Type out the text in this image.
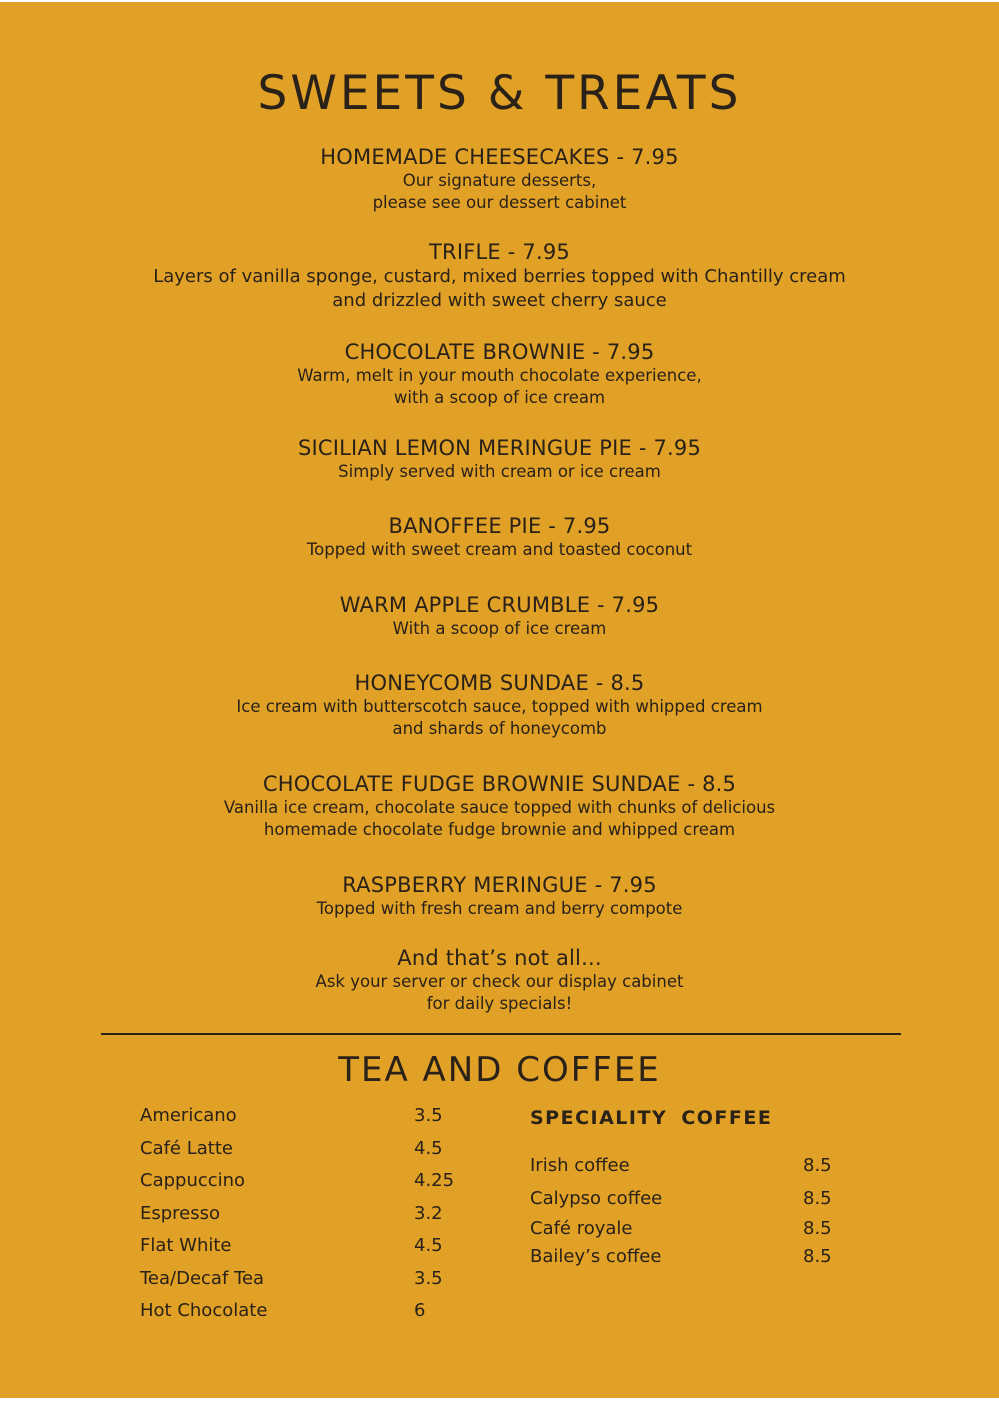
SWEETS & TREATS
HOMEMADE CHEESECAKES - 7.95
Our signature desserts,
please see our dessert cabinet
TRIFLE - 7.95
Layers of vanilla sponge, custard, mixed berries topped with Chantilly cream
and drizzled with sweet cherry sauce
CHOCOLATE BROWNIE - 7.95
Warm, melt in your mouth chocolate experience,
with a scoop of ice cream
SICILIAN LEMON MERINGUE PIE - 7.95
Simply served with cream or ice cream
BANOFFEE PIE - 7.95
Topped with sweet cream and toasted coconut
WARM APPLE CRUMBLE - 7.95
With a scoop of ice cream
HONEYCOMB SUNDAE - 8.5
Ice cream with butterscotch sauce, topped with whipped cream
and shards of honeycomb
CHOCOLATE FUDGE BROWNIE SUNDAE - 8.5
Vanilla ice cream, chocolate sauce topped with chunks of delicious
homemade chocolate fudge brownie and whipped cream
RASPBERRY MERINGUE - 7.95
Topped with fresh cream and berry compote
And that’s not all...
Ask your server or check our display cabinet
for daily specials!
TEA AND COFFEE
Americano	3.5
Café Latte	4.5
Cappuccino	4.25
Espresso	3.2
Flat White	4.5
Tea/Decaf Tea	3.5
Hot Chocolate	6
SPECIALITY COFFEE
Irish coffee	8.5
Calypso coffee	8.5
Café royale	8.5
Bailey’s coffee	8.5
